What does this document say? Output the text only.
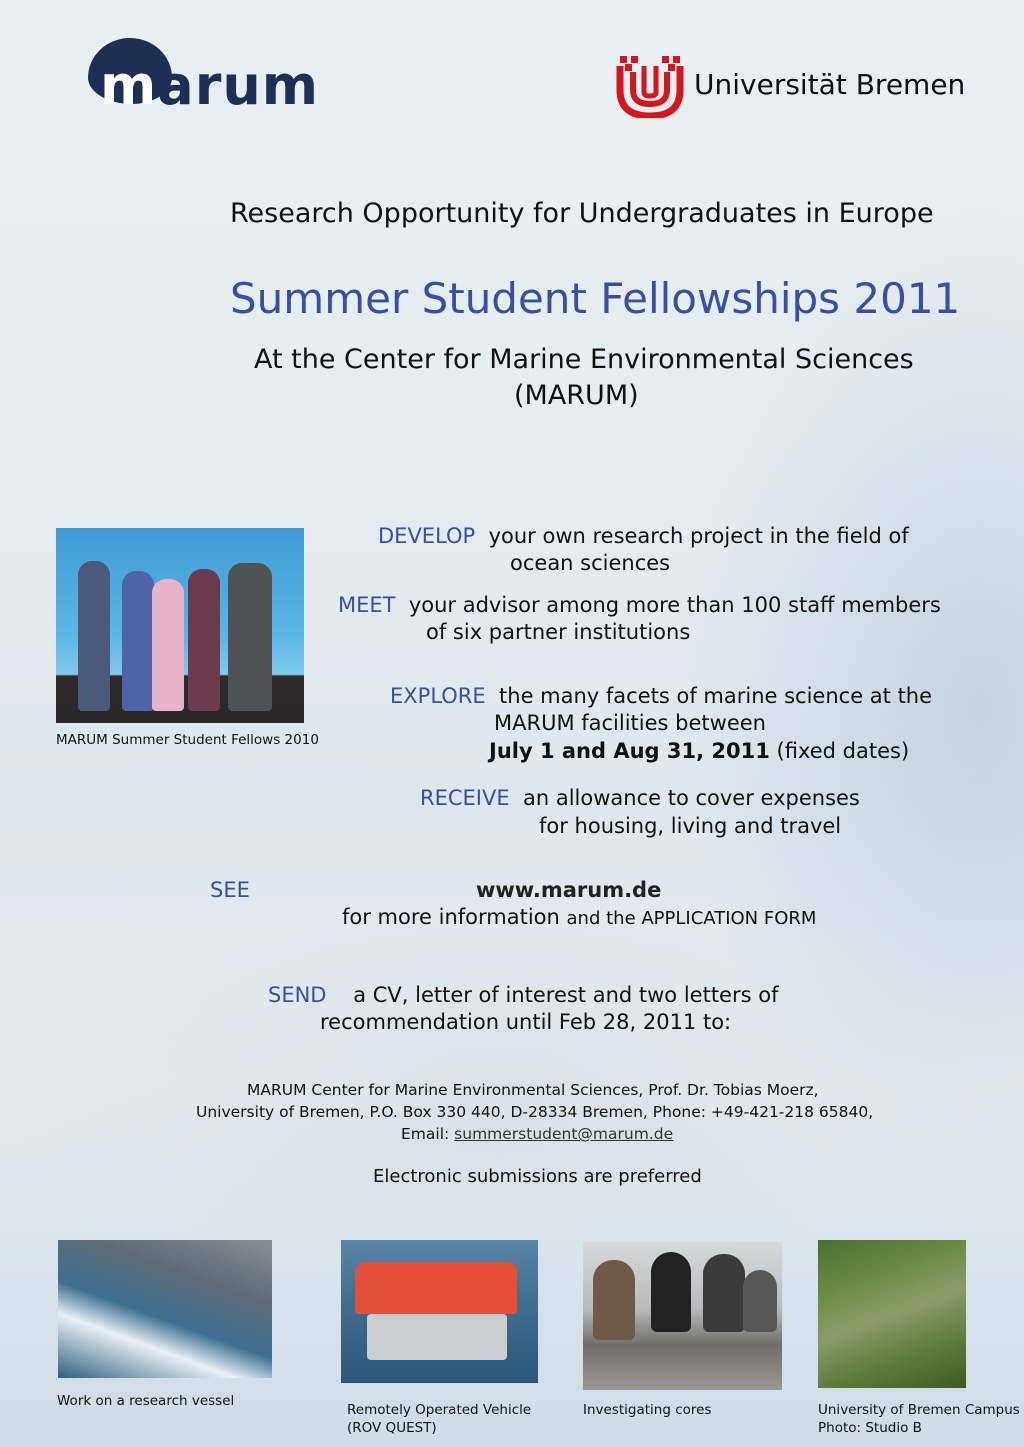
marum	Universität Bremen
Research Opportunity for Undergraduates in Europe
Summer Student Fellowships 2011
At the Center for Marine Environmental Sciences
(MARUM)
MARUM Summer Student Fellows 2010
DEVELOP your own research project in the field of
ocean sciences
MEET your advisor among more than 100 staff members
of six partner institutions
EXPLORE the many facets of marine science at the
MARUM facilities between
July 1 and Aug 31, 2011 (fixed dates)
RECEIVE an allowance to cover expenses
for housing, living and travel
SEE	www.marum.de
for more information and the APPLICATION FORM
SEND a CV, letter of interest and two letters of
recommendation until Feb 28, 2011 to:
MARUM Center for Marine Environmental Sciences, Prof. Dr. Tobias Moerz,
University of Bremen, P.O. Box 330 440, D-28334 Bremen, Phone: +49-421-218 65840,
Email: summerstudent@marum.de
Electronic submissions are preferred
Work on a research vessel
Remotely Operated Vehicle
(ROV QUEST)
Investigating cores	University of Bremen Campus
Photo: Studio B
